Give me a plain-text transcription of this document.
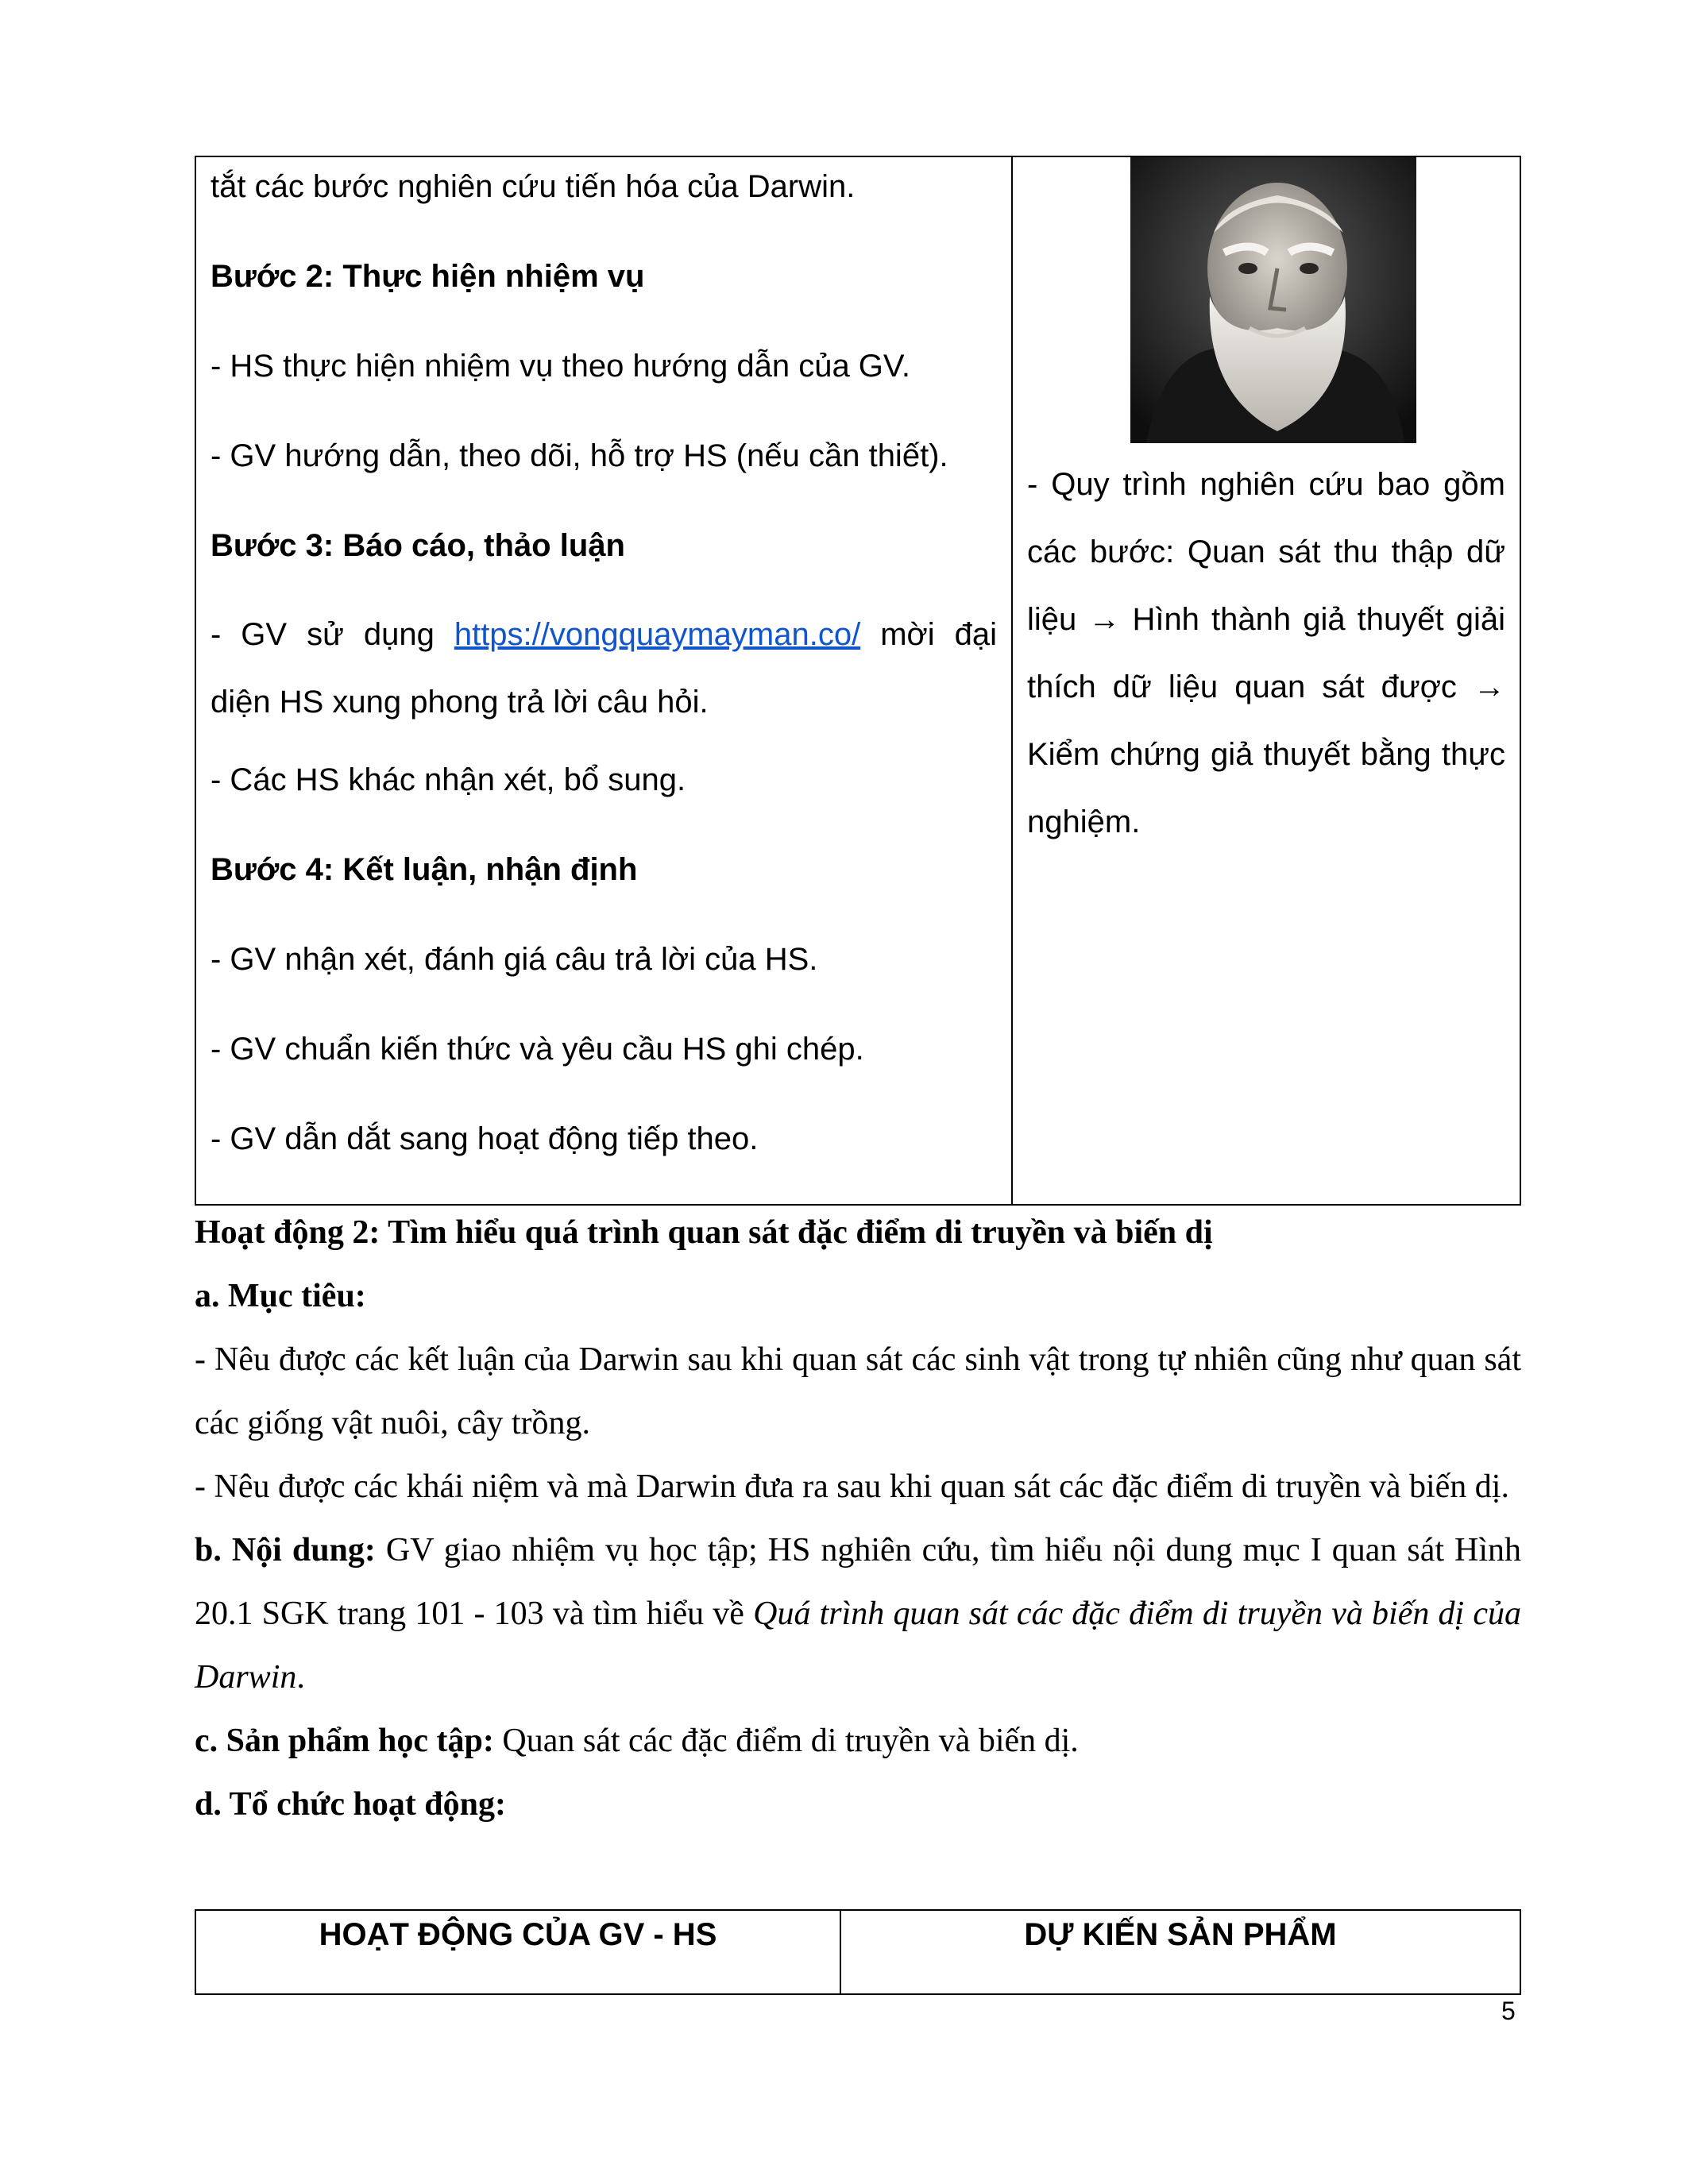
tắt các bước nghiên cứu tiến hóa của Darwin.

Bước 2: Thực hiện nhiệm vụ

- HS thực hiện nhiệm vụ theo hướng dẫn của GV.

- GV hướng dẫn, theo dõi, hỗ trợ HS (nếu cần thiết).

Bước 3: Báo cáo, thảo luận

- GV sử dụng https://vongquaymayman.co/ mời đại diện HS xung phong trả lời câu hỏi.

- Các HS khác nhận xét, bổ sung.

Bước 4: Kết luận, nhận định

- GV nhận xét, đánh giá câu trả lời của HS.

- GV chuẩn kiến thức và yêu cầu HS ghi chép.

- GV dẫn dắt sang hoạt động tiếp theo.

- Quy trình nghiên cứu bao gồm các bước: Quan sát thu thập dữ liệu → Hình thành giả thuyết giải thích dữ liệu quan sát được → Kiểm chứng giả thuyết bằng thực nghiệm.

Hoạt động 2: Tìm hiểu quá trình quan sát đặc điểm di truyền và biến dị

a. Mục tiêu:

- Nêu được các kết luận của Darwin sau khi quan sát các sinh vật trong tự nhiên cũng như quan sát các giống vật nuôi, cây trồng.

- Nêu được các khái niệm và mà Darwin đưa ra sau khi quan sát các đặc điểm di truyền và biến dị.

b. Nội dung: GV giao nhiệm vụ học tập; HS nghiên cứu, tìm hiểu nội dung mục I quan sát Hình 20.1 SGK trang 101 - 103 và tìm hiểu về Quá trình quan sát các đặc điểm di truyền và biến dị của Darwin.

c. Sản phẩm học tập: Quan sát các đặc điểm di truyền và biến dị.

d. Tổ chức hoạt động:

HOẠT ĐỘNG CỦA GV - HS	DỰ KIẾN SẢN PHẨM
5
